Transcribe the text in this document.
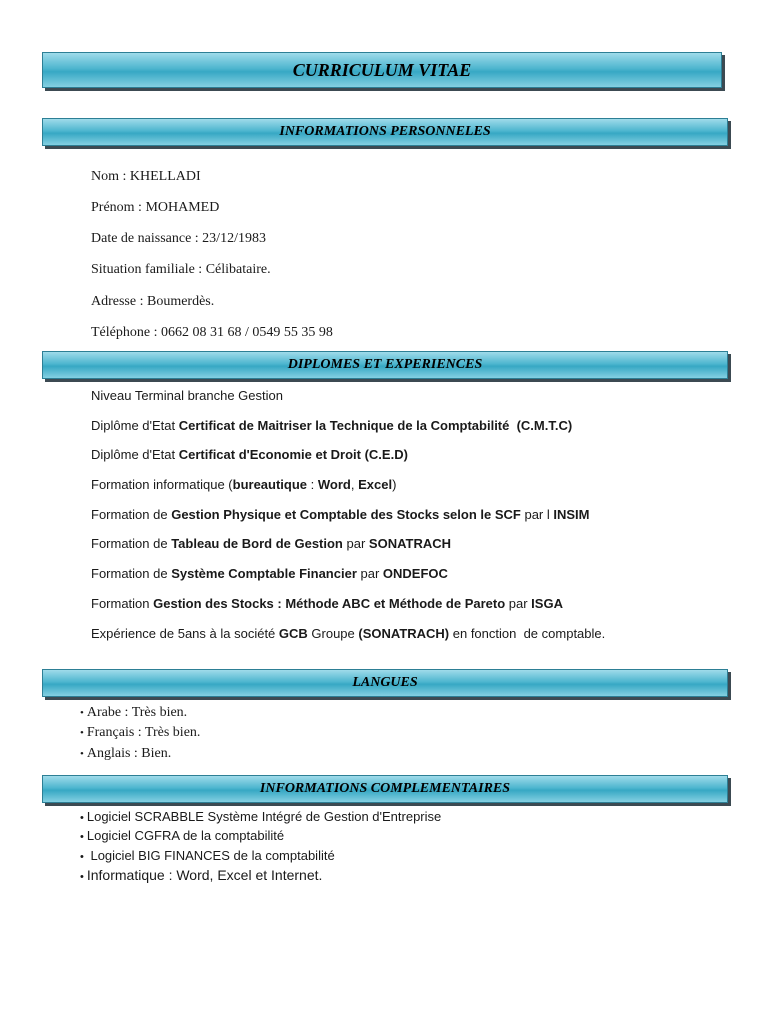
CURRICULUM VITAE
INFORMATIONS PERSONNELES
Nom : KHELLADI
Prénom : MOHAMED
Date de naissance : 23/12/1983
Situation familiale : Célibataire.
Adresse : Boumerdès.
Téléphone : 0662 08 31 68 / 0549 55 35 98
DIPLOMES ET EXPERIENCES
Niveau Terminal branche Gestion
Diplôme d'Etat Certificat de Maitriser la Technique de la Comptabilité  (C.M.T.C)
Diplôme d'Etat Certificat d'Economie et Droit (C.E.D)
Formation informatique (bureautique : Word, Excel)
Formation de Gestion Physique et Comptable des Stocks selon le SCF par l INSIM
Formation de Tableau de Bord de Gestion par SONATRACH
Formation de Système Comptable Financier par ONDEFOC
Formation Gestion des Stocks : Méthode ABC et Méthode de Pareto par ISGA
Expérience de 5ans à la société GCB Groupe (SONATRACH) en fonction  de comptable.
LANGUES
• Arabe : Très bien.
• Français : Très bien.
• Anglais : Bien.
INFORMATIONS COMPLEMENTAIRES
• Logiciel SCRABBLE Système Intégré de Gestion d'Entreprise
• Logiciel CGFRA de la comptabilité
• Logiciel BIG FINANCES de la comptabilité
• Informatique : Word, Excel et Internet.
